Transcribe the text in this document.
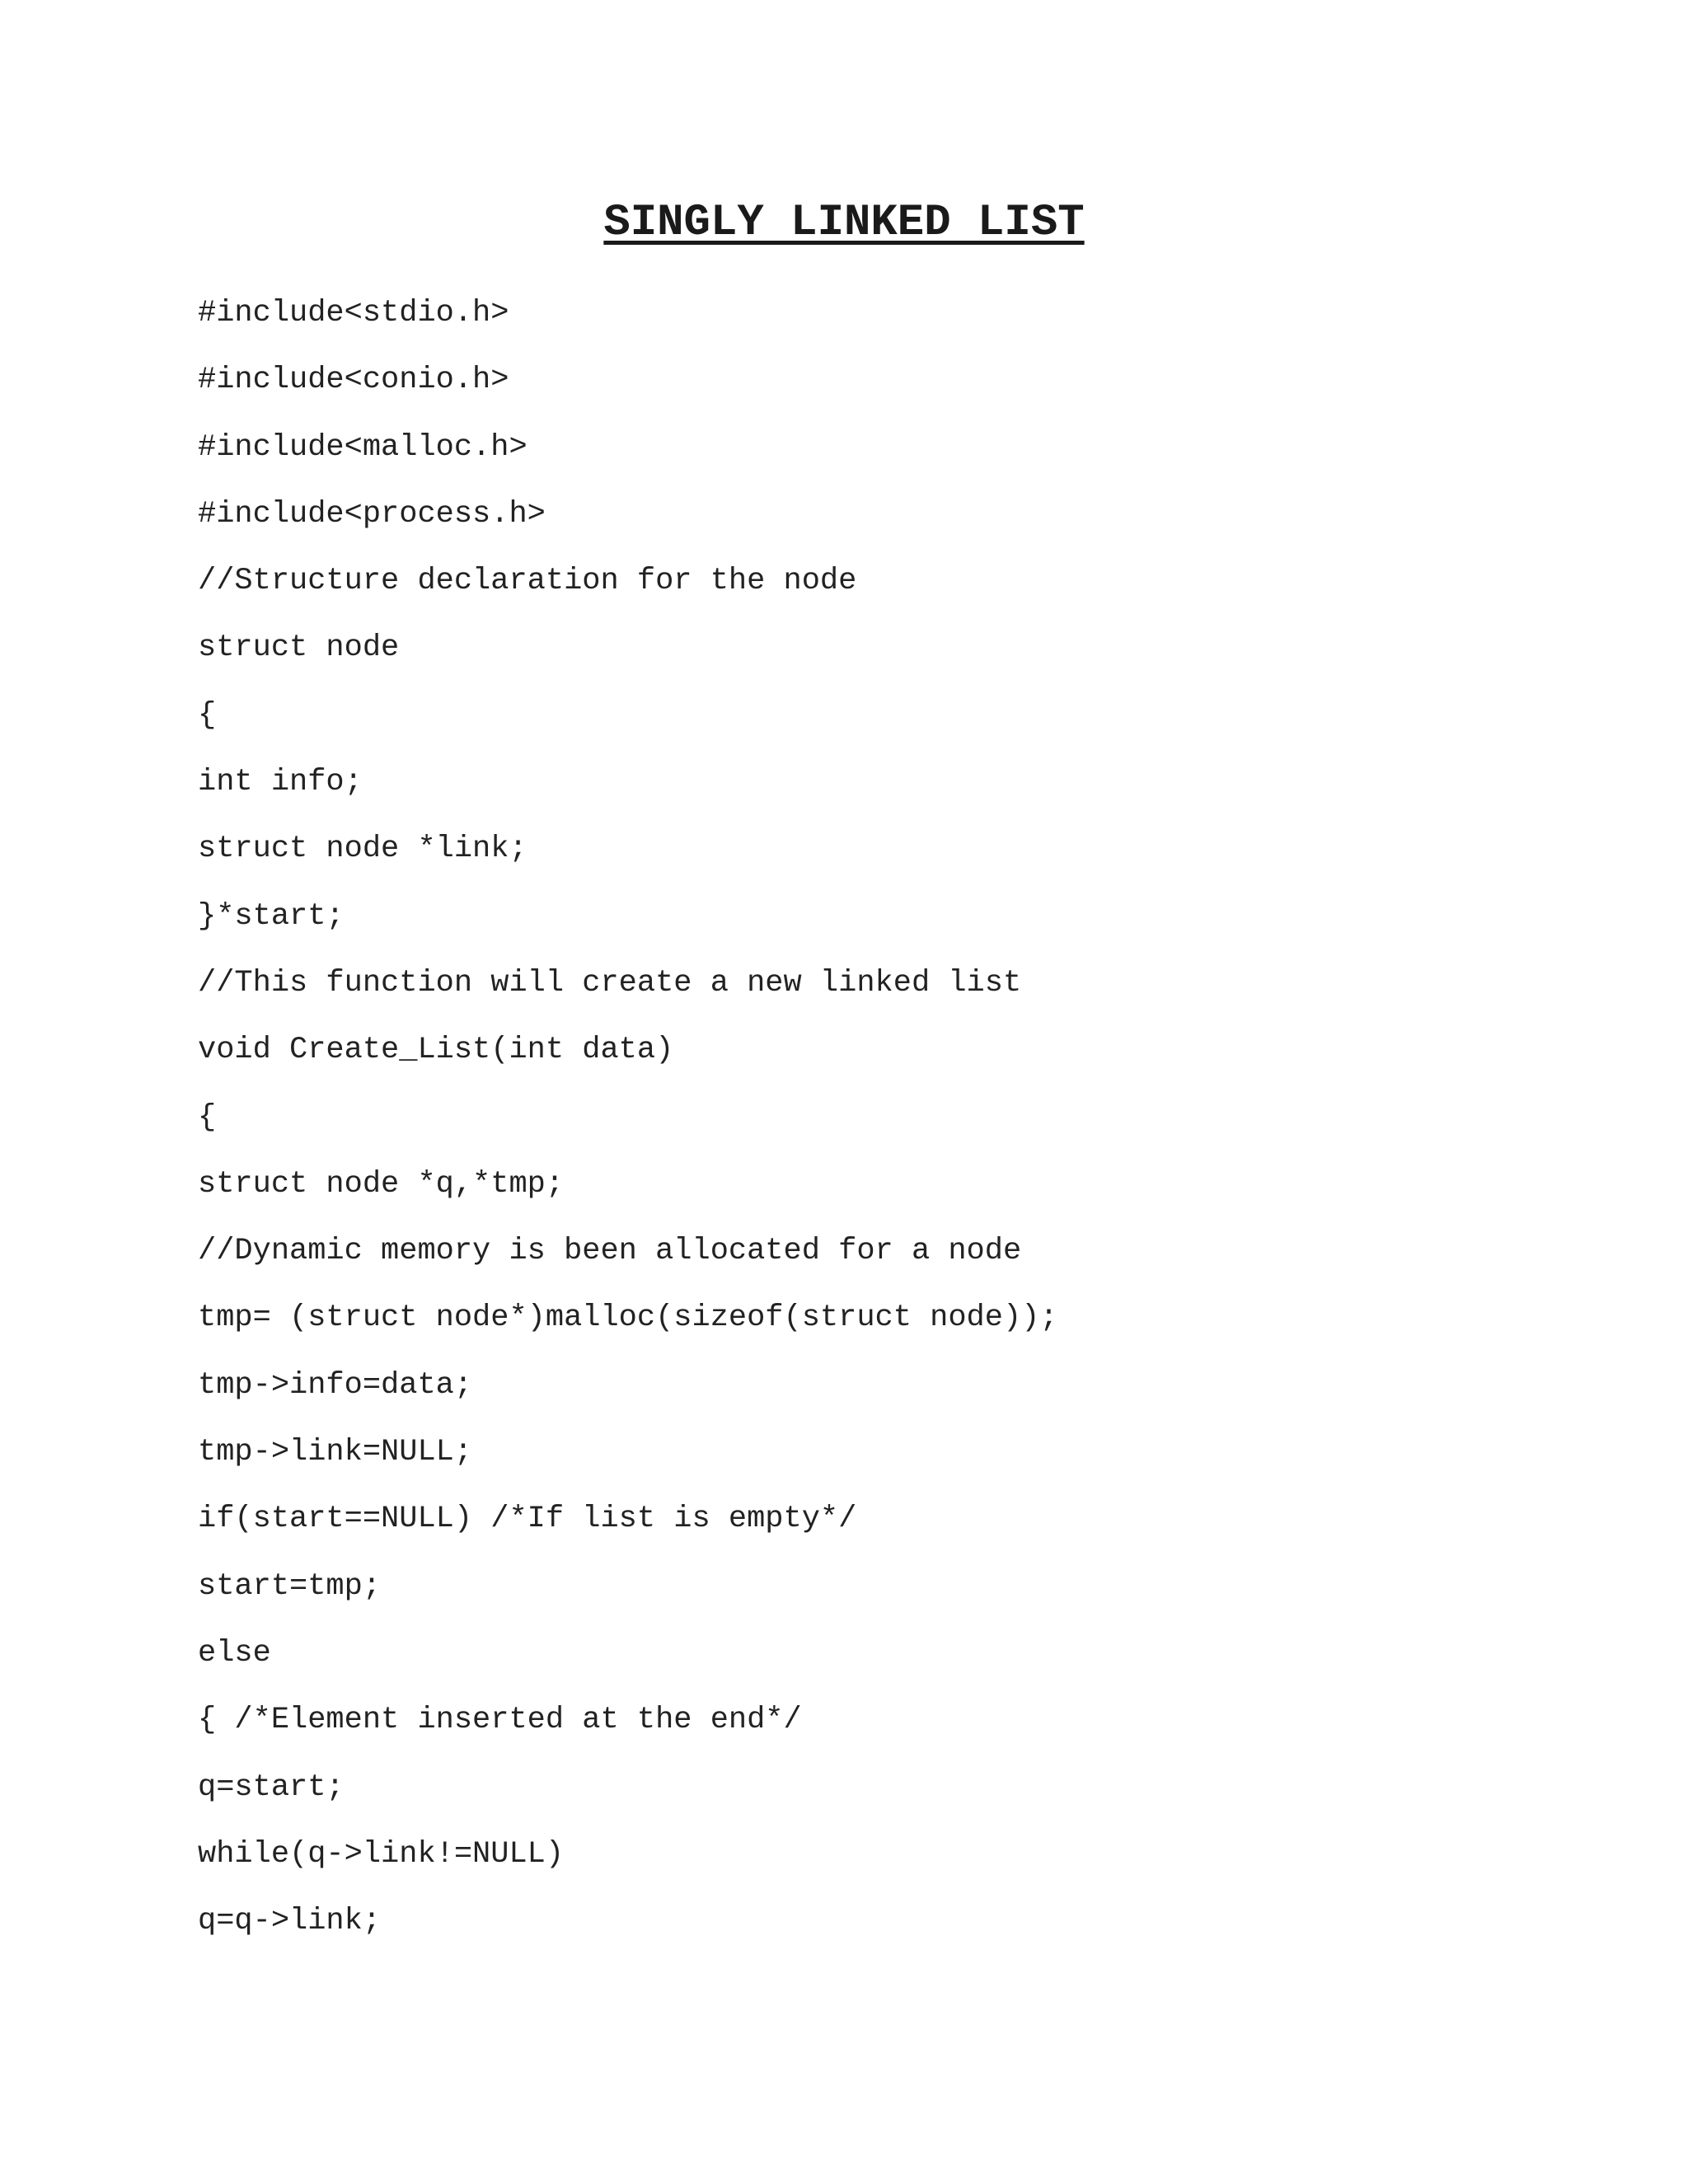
SINGLY LINKED LIST
#include<stdio.h>
#include<conio.h>
#include<malloc.h>
#include<process.h>
//Structure declaration for the node
struct node
{
int info;
struct node *link;
}*start;
//This function will create a new linked list
void Create_List(int data)
{
struct node *q,*tmp;
//Dynamic memory is been allocated for a node
tmp= (struct node*)malloc(sizeof(struct node));
tmp->info=data;
tmp->link=NULL;
if(start==NULL) /*If list is empty*/
start=tmp;
else
{ /*Element inserted at the end*/
q=start;
while(q->link!=NULL)
q=q->link;
